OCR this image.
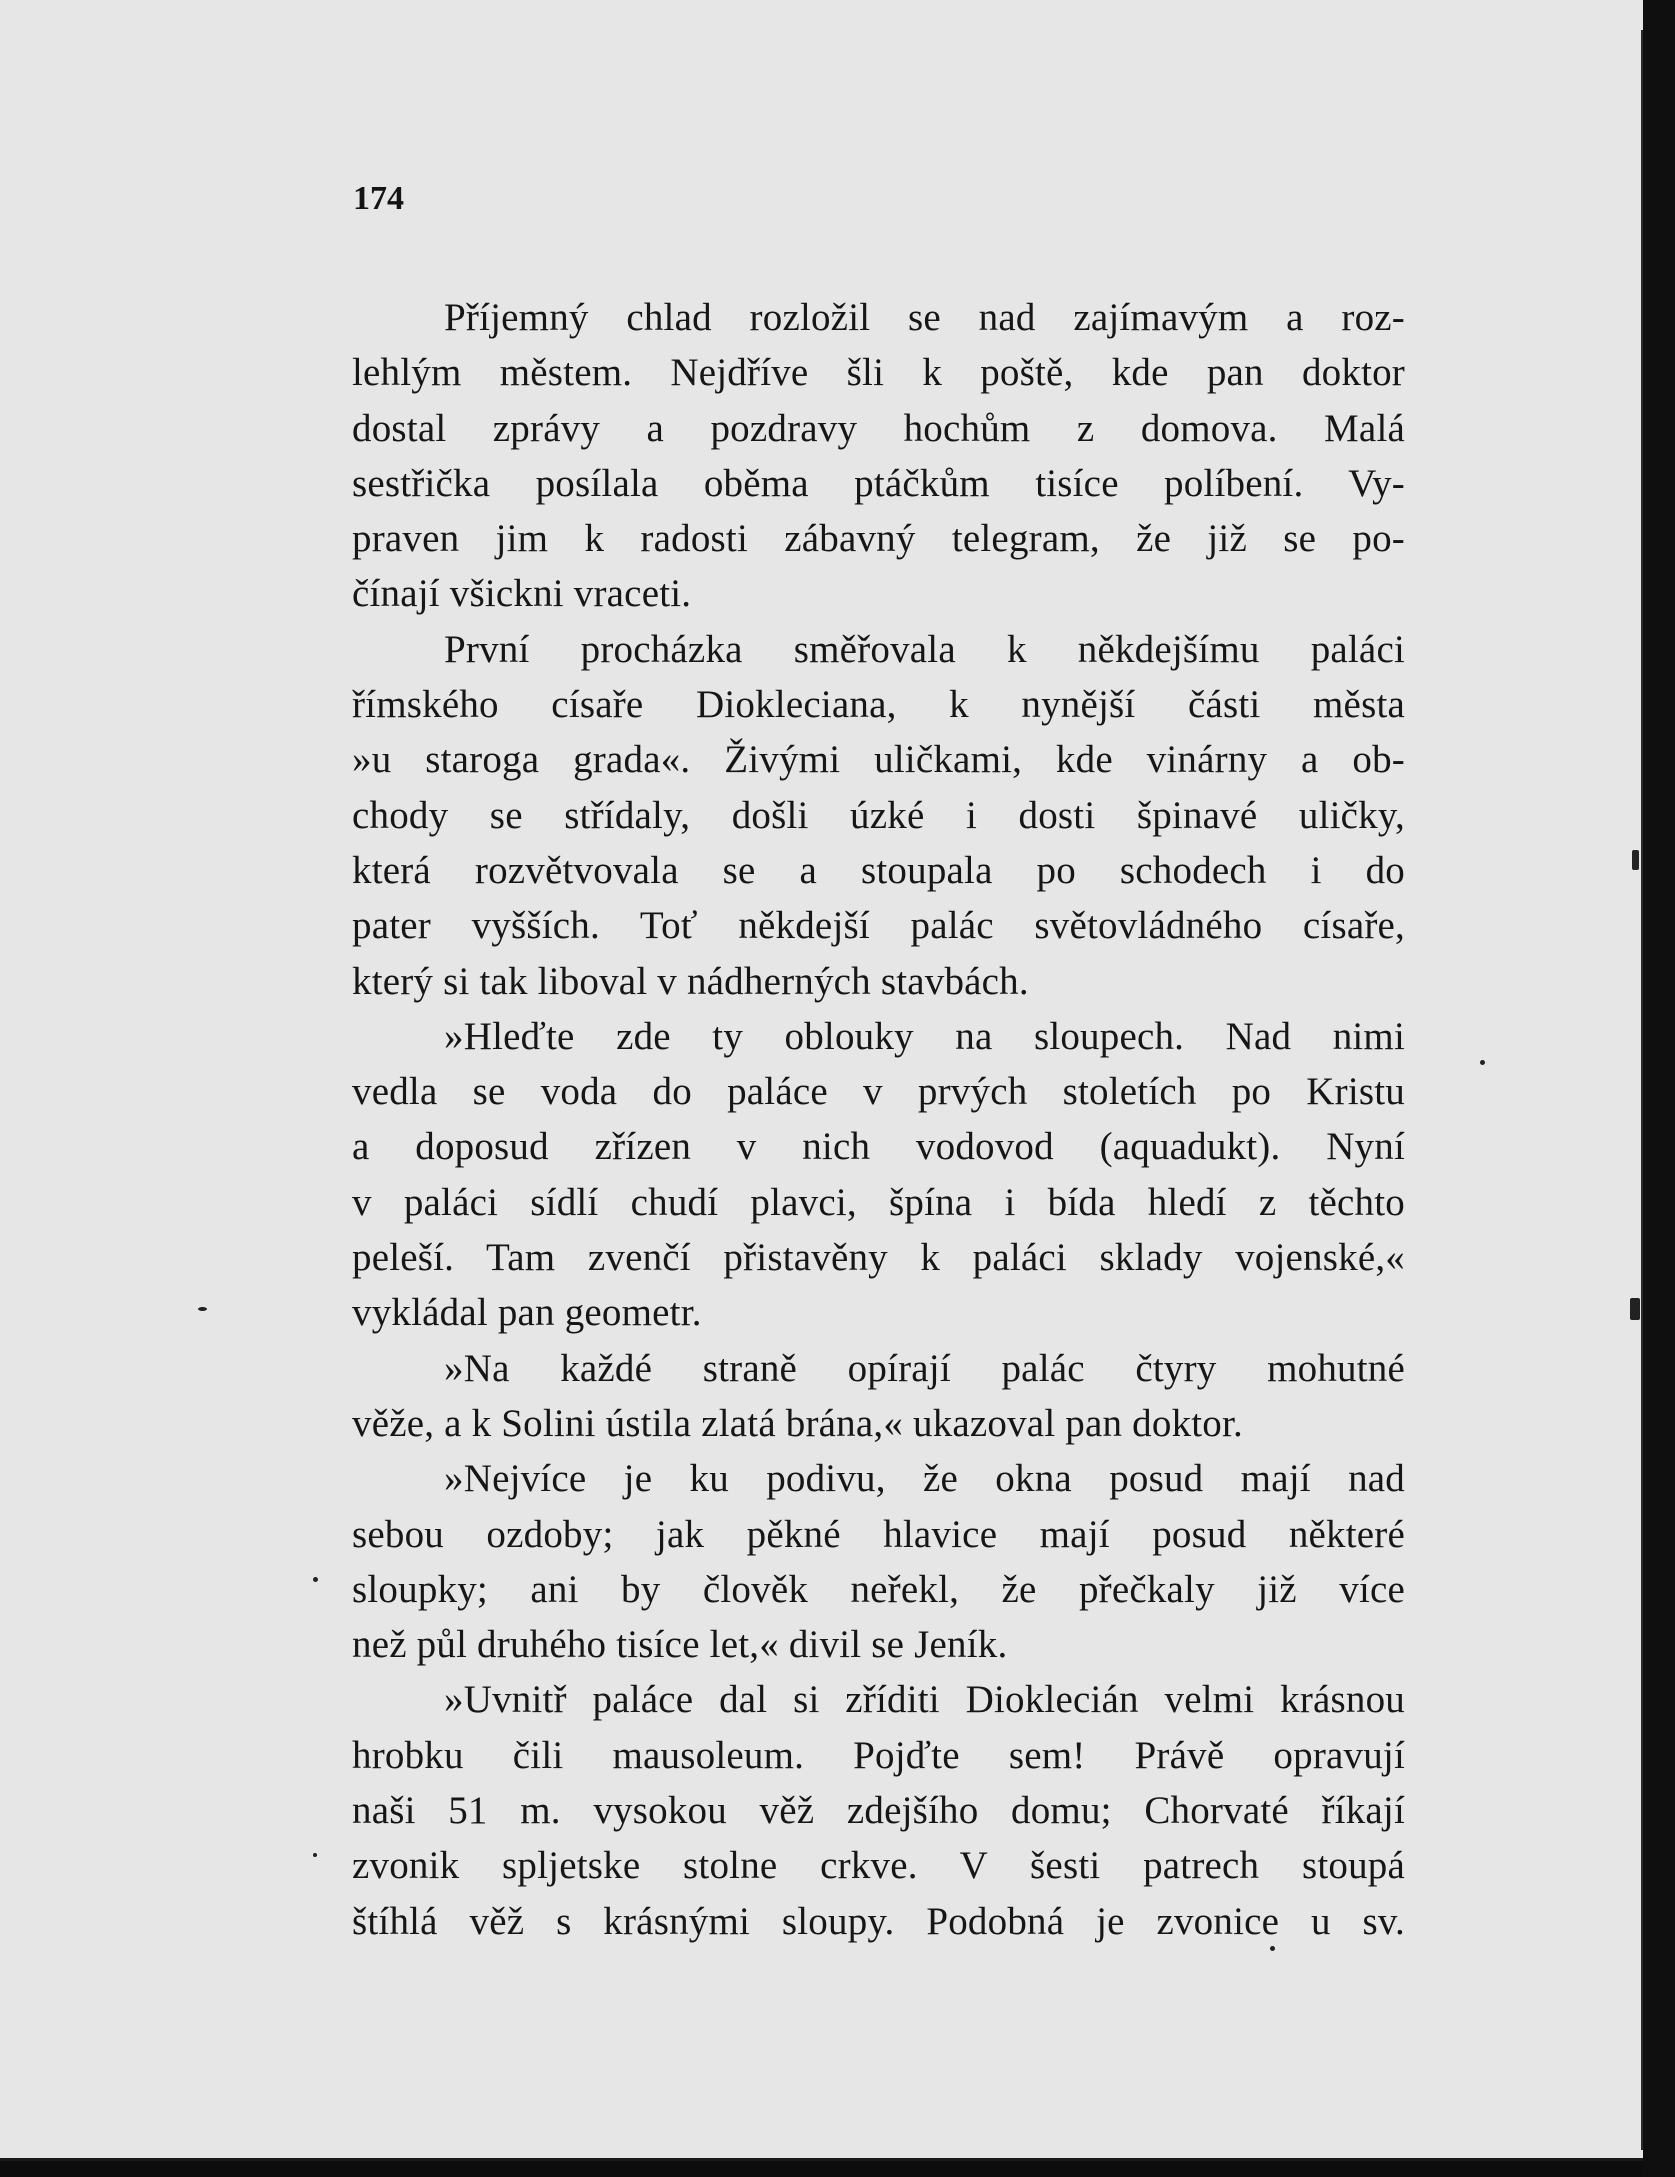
174
Příjemný chlad rozložil se nad zajímavým a roz-
lehlým městem. Nejdříve šli k poště, kde pan doktor
dostal zprávy a pozdravy hochům z domova. Malá
sestřička posílala oběma ptáčkům tisíce políbení. Vy-
praven jim k radosti zábavný telegram, že již se po-
čínají všickni vraceti.
První procházka směřovala k někdejšímu paláci
římského císaře Diokleciana, k nynější části města
»u staroga grada«. Živými uličkami, kde vinárny a ob-
chody se střídaly, došli úzké i dosti špinavé uličky,
která rozvětvovala se a stoupala po schodech i do
pater vyšších. Toť někdejší palác světovládného císaře,
který si tak liboval v nádherných stavbách.
»Hleďte zde ty oblouky na sloupech. Nad nimi
vedla se voda do paláce v prvých stoletích po Kristu
a doposud zřízen v nich vodovod (aquadukt). Nyní
v paláci sídlí chudí plavci, špína i bída hledí z těchto
peleší. Tam zvenčí přistavěny k paláci sklady vojenské,«
vykládal pan geometr.
»Na každé straně opírají palác čtyry mohutné
věže, a k Solini ústila zlatá brána,« ukazoval pan doktor.
»Nejvíce je ku podivu, že okna posud mají nad
sebou ozdoby; jak pěkné hlavice mají posud některé
sloupky; ani by člověk neřekl, že přečkaly již více
než půl druhého tisíce let,« divil se Jeník.
»Uvnitř paláce dal si zříditi Dioklecián velmi krásnou
hrobku čili mausoleum. Pojďte sem! Právě opravují
naši 51 m. vysokou věž zdejšího domu; Chorvaté říkají
zvonik spljetske stolne crkve. V šesti patrech stoupá
štíhlá věž s krásnými sloupy. Podobná je zvonice u sv.
